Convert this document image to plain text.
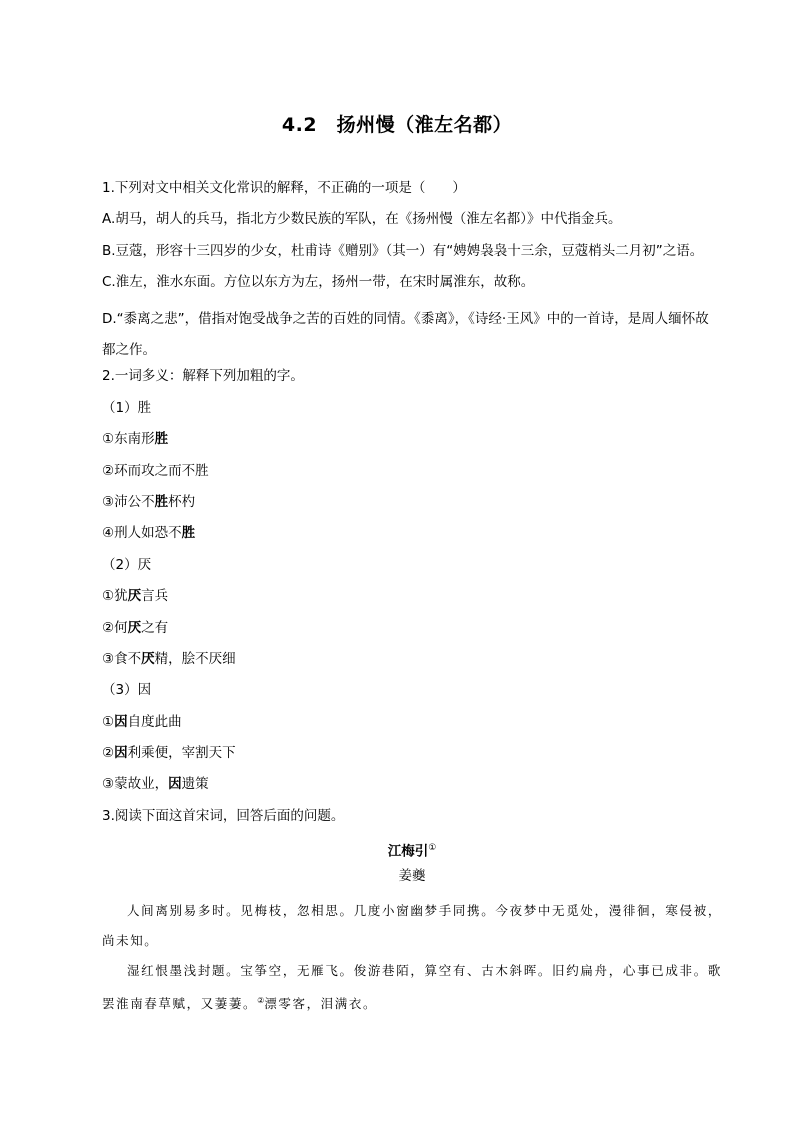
4.2　扬州慢（淮左名都）
1.下列对文中相关文化常识的解释，不正确的一项是（　　）
A.胡马，胡人的兵马，指北方少数民族的军队，在《扬州慢（淮左名都）》中代指金兵。
B.豆蔻，形容十三四岁的少女，杜甫诗《赠别》（其一）有“娉娉袅袅十三余，豆蔻梢头二月初”之语。
C.淮左，淮水东面。方位以东方为左，扬州一带，在宋时属淮东，故称。
D.“黍离之悲”，借指对饱受战争之苦的百姓的同情。《黍离》，《诗经·王风》中的一首诗，是周人缅怀故都之作。
2.一词多义：解释下列加粗的字。
（1）胜
①东南形胜
②环而攻之而不胜
③沛公不胜杯杓
④刑人如恐不胜
（2）厌
①犹厌言兵
②何厌之有
③食不厌精，脍不厌细
（3）因
①因自度此曲
②因利乘便，宰割天下
③蒙故业，因遗策
3.阅读下面这首宋词，回答后面的问题。
江梅引①
姜夔
人间离别易多时。见梅枝，忽相思。几度小窗幽梦手同携。今夜梦中无觅处，漫徘徊，寒侵被，尚未知。
湿红恨墨浅封题。宝筝空，无雁飞。俊游巷陌，算空有、古木斜晖。旧约扁舟，心事已成非。歌罢淮南春草赋，又萋萋。②漂零客，泪满衣。
